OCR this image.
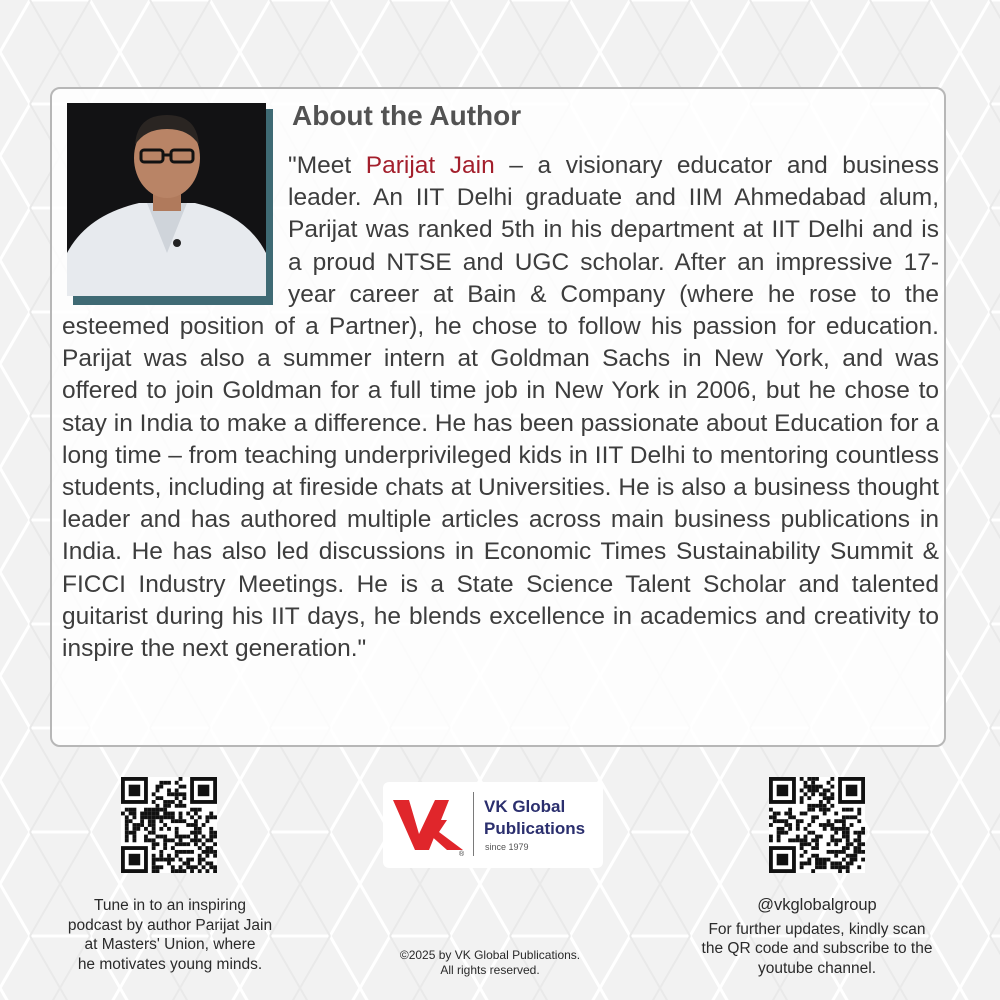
About the Author

"Meet Parijat Jain – a visionary educator and business leader. An IIT Delhi graduate and IIM Ahmedabad alum, Parijat was ranked 5th in his department at IIT Delhi and is a proud NTSE and UGC scholar. After an impressive 17-year career at Bain & Company (where he rose to the esteemed position of a Partner), he chose to follow his passion for education. Parijat was also a summer intern at Goldman Sachs in New York, and was offered to join Goldman for a full time job in New York in 2006, but he chose to stay in India to make a difference. He has been passionate about Education for a long time – from teaching underprivileged kids in IIT Delhi to mentoring countless students, including at fireside chats at Universities. He is also a business thought leader and has authored multiple articles across main business publications in India. He has also led discussions in Economic Times Sustainability Summit & FICCI Industry Meetings. He is a State Science Talent Scholar and talented guitarist during his IIT days, he blends excellence in academics and creativity to inspire the next generation."

Tune in to an inspiring
podcast by author Parijat Jain
at Masters' Union, where
he motivates young minds.
®
VK Global
Publications
since 1979
©2025 by VK Global Publications.
All rights reserved.
@vkglobalgroup
For further updates, kindly scan
the QR code and subscribe to the
youtube channel.
